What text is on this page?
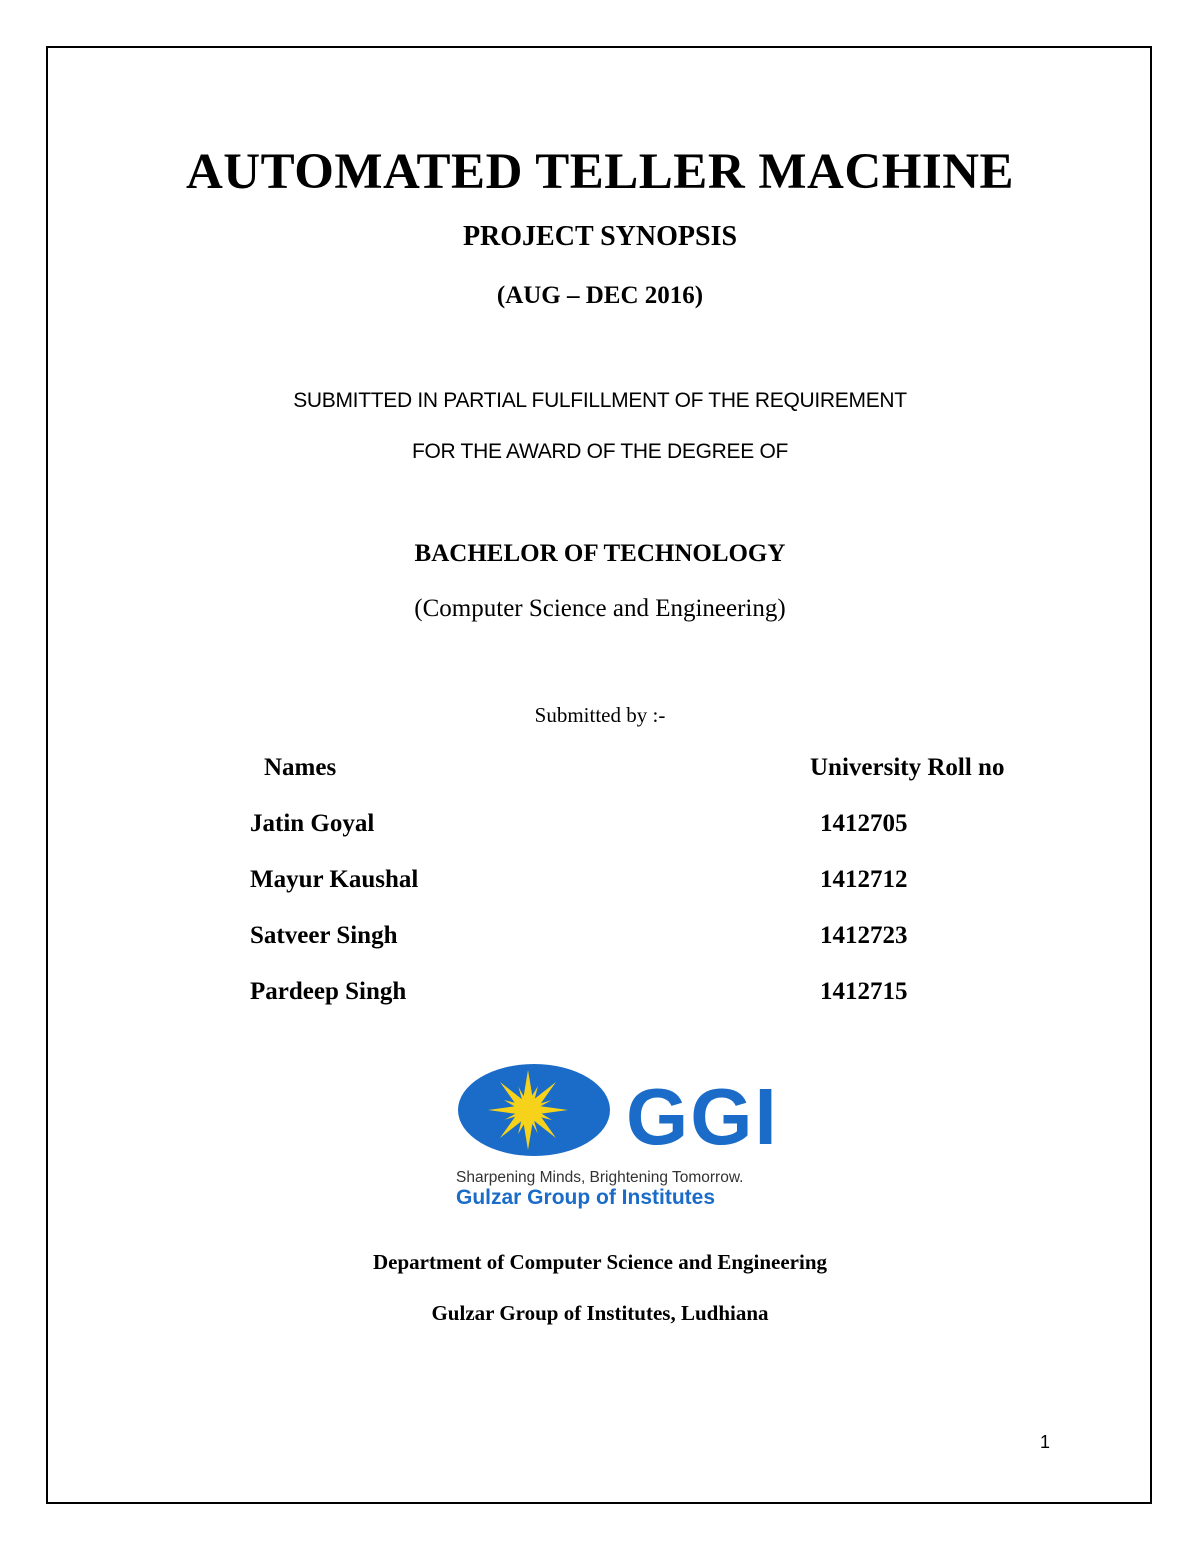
AUTOMATED TELLER MACHINE
PROJECT SYNOPSIS
(AUG – DEC 2016)
SUBMITTED IN PARTIAL FULFILLMENT OF THE REQUIREMENT
FOR THE AWARD OF THE DEGREE OF
BACHELOR OF TECHNOLOGY
(Computer Science and Engineering)
Submitted by :-
Names	University Roll no
Jatin Goyal	1412705
Mayur Kaushal	1412712
Satveer Singh	1412723
Pardeep Singh	1412715
GGI
Sharpening Minds, Brightening Tomorrow.
Gulzar Group of Institutes
Department of Computer Science and Engineering
Gulzar Group of Institutes, Ludhiana
1
